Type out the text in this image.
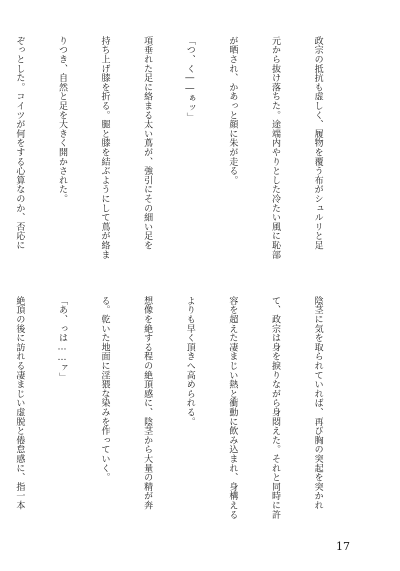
政宗の抵抗も虚しく、履物を覆う布がシュルリと足

元から抜け落ちた。途端内やりとした冷たい風に恥部

が晒され、かあっと顔に朱が走る。

「つ、く――ぁッ」

項垂れた足に絡まる太い蔦が、強引にその細い足を

持ち上げ膝を折る。腿と膝を結ぶようにして蔦が絡ま

りつき、自然と足を大きく開かされた。

ぞっとした。コイツが何をする心算なのか、否応に

陰茎に気を取られていれば、再び胸の突起を突かれ

て、政宗は身を捩りながら身悶えた。それと同時に許

容を超えた凄まじい熱と衝動に飲み込まれ、身構える

よりも早く頂きへ高められる。

想像を絶する程の絶頂感に、陰茎から大量の精が奔

る。乾いた地面に淫猥な染みを作っていく。

「あ、っは……ァ」

絶頂の後に訪れる凄まじい虚脱と倦怠感に、指一本

17
